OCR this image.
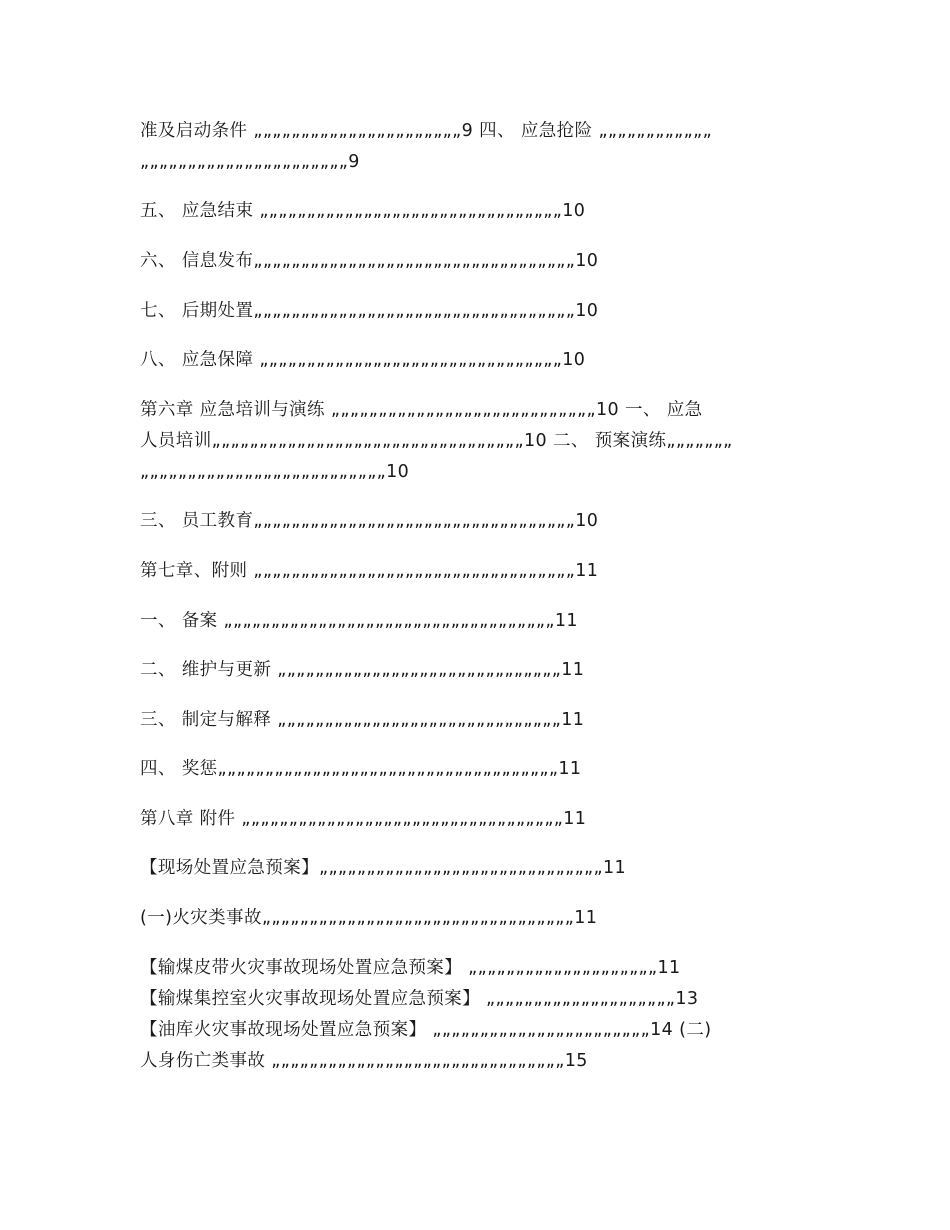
准及启动条件 „„„„„„„„„„„„„„„„„„„„„„9 四、 应急抢险 „„„„„„„„„„„„

„„„„„„„„„„„„„„„„„„„„„„9

五、 应急结束 „„„„„„„„„„„„„„„„„„„„„„„„„„„„„„„„10

六、 信息发布„„„„„„„„„„„„„„„„„„„„„„„„„„„„„„„„„„10

七、 后期处置„„„„„„„„„„„„„„„„„„„„„„„„„„„„„„„„„„10

八、 应急保障 „„„„„„„„„„„„„„„„„„„„„„„„„„„„„„„„10

第六章 应急培训与演练 „„„„„„„„„„„„„„„„„„„„„„„„„„„„10 一、 应急

人员培训„„„„„„„„„„„„„„„„„„„„„„„„„„„„„„„„„10 二、 预案演练„„„„„„„

„„„„„„„„„„„„„„„„„„„„„„„„„„10

三、 员工教育„„„„„„„„„„„„„„„„„„„„„„„„„„„„„„„„„„10

第七章、附则 „„„„„„„„„„„„„„„„„„„„„„„„„„„„„„„„„„11

一、 备案 „„„„„„„„„„„„„„„„„„„„„„„„„„„„„„„„„„„11

二、 维护与更新 „„„„„„„„„„„„„„„„„„„„„„„„„„„„„„11

三、 制定与解释 „„„„„„„„„„„„„„„„„„„„„„„„„„„„„„11

四、 奖惩„„„„„„„„„„„„„„„„„„„„„„„„„„„„„„„„„„„„11

第八章 附件 „„„„„„„„„„„„„„„„„„„„„„„„„„„„„„„„„„11

【现场处置应急预案】„„„„„„„„„„„„„„„„„„„„„„„„„„„„„„11

(一)火灾类事故„„„„„„„„„„„„„„„„„„„„„„„„„„„„„„„„„11

【输煤皮带火灾事故现场处置应急预案】 „„„„„„„„„„„„„„„„„„„„11

【输煤集控室火灾事故现场处置应急预案】 „„„„„„„„„„„„„„„„„„„„13

【油库火灾事故现场处置应急预案】 „„„„„„„„„„„„„„„„„„„„„„„14 (二)

人身伤亡类事故 „„„„„„„„„„„„„„„„„„„„„„„„„„„„„„„15
